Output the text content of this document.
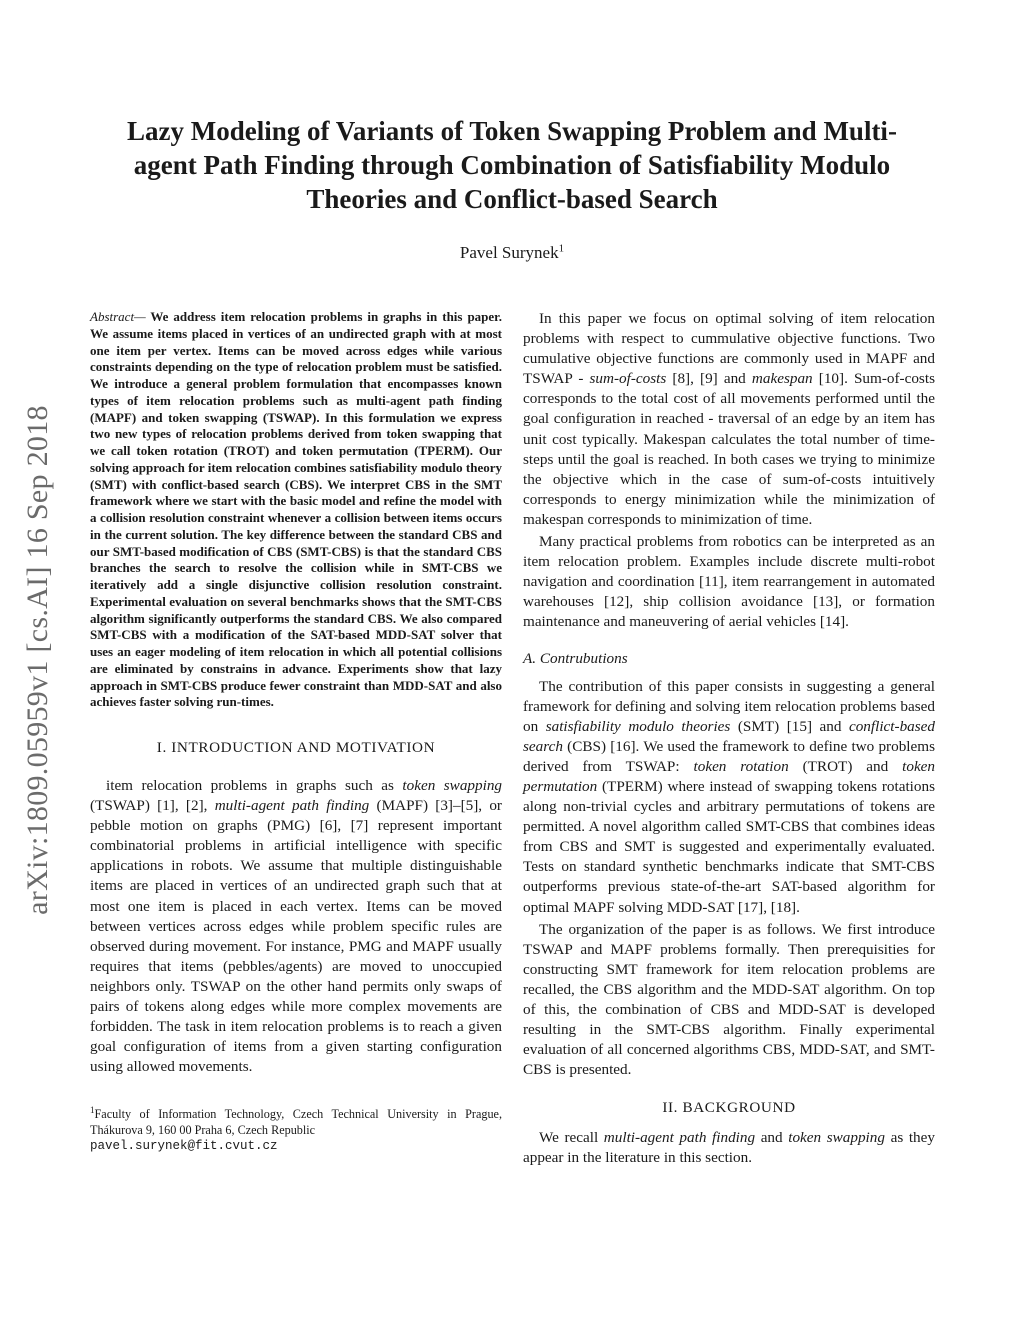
arXiv:1809.05959v1 [cs.AI] 16 Sep 2018
Lazy Modeling of Variants of Token Swapping Problem and Multi-agent Path Finding through Combination of Satisfiability Modulo Theories and Conflict-based Search
Pavel Surynek$^1$

Abstract— We address item relocation problems in graphs in this paper. We assume items placed in vertices of an undirected graph with at most one item per vertex. Items can be moved across edges while various constraints depending on the type of relocation problem must be satisfied. We introduce a general problem formulation that encompasses known types of item relocation problems such as multi-agent path finding (MAPF) and token swapping (TSWAP). In this formulation we express two new types of relocation problems derived from token swapping that we call token rotation (TROT) and token permutation (TPERM). Our solving approach for item relocation combines satisfiability modulo theory (SMT) with conflict-based search (CBS). We interpret CBS in the SMT framework where we start with the basic model and refine the model with a collision resolution constraint whenever a collision between items occurs in the current solution. The key difference between the standard CBS and our SMT-based modification of CBS (SMT-CBS) is that the standard CBS branches the search to resolve the collision while in SMT-CBS we iteratively add a single disjunctive collision resolution constraint. Experimental evaluation on several benchmarks shows that the SMT-CBS algorithm significantly outperforms the standard CBS. We also compared SMT-CBS with a modification of the SAT-based MDD-SAT solver that uses an eager modeling of item relocation in which all potential collisions are eliminated by constrains in advance. Experiments show that lazy approach in SMT-CBS produce fewer constraint than MDD-SAT and also achieves faster solving run-times.

I. INTRODUCTION AND MOTIVATION

item relocation problems in graphs such as token swapping (TSWAP) [1], [2], multi-agent path finding (MAPF) [3]–[5], or pebble motion on graphs (PMG) [6], [7] represent important combinatorial problems in artificial intelligence with specific applications in robots. We assume that multiple distinguishable items are placed in vertices of an undirected graph such that at most one item is placed in each vertex. Items can be moved between vertices across edges while problem specific rules are observed during movement. For instance, PMG and MAPF usually requires that items (pebbles/agents) are moved to unoccupied neighbors only. TSWAP on the other hand permits only swaps of pairs of tokens along edges while more complex movements are forbidden. The task in item relocation problems is to reach a given goal configuration of items from a given starting configuration using allowed movements.

$^1$Faculty of Information Technology, Czech Technical University in Prague, Thákurova 9, 160 00 Praha 6, Czech Republic
pavel.surynek@fit.cvut.cz

In this paper we focus on optimal solving of item relocation problems with respect to cummulative objective functions. Two cumulative objective functions are commonly used in MAPF and TSWAP - sum-of-costs [8], [9] and makespan [10]. Sum-of-costs corresponds to the total cost of all movements performed until the goal configuration in reached - traversal of an edge by an item has unit cost typically. Makespan calculates the total number of time-steps until the goal is reached. In both cases we trying to minimize the objective which in the case of sum-of-costs intuitively corresponds to energy minimization while the minimization of makespan corresponds to minimization of time.

Many practical problems from robotics can be interpreted as an item relocation problem. Examples include discrete multi-robot navigation and coordination [11], item rearrangement in automated warehouses [12], ship collision avoidance [13], or formation maintenance and maneuvering of aerial vehicles [14].

A. Contrubutions

The contribution of this paper consists in suggesting a general framework for defining and solving item relocation problems based on satisfiability modulo theories (SMT) [15] and conflict-based search (CBS) [16]. We used the framework to define two problems derived from TSWAP: token rotation (TROT) and token permutation (TPERM) where instead of swapping tokens rotations along non-trivial cycles and arbitrary permutations of tokens are permitted. A novel algorithm called SMT-CBS that combines ideas from CBS and SMT is suggested and experimentally evaluated. Tests on standard synthetic benchmarks indicate that SMT-CBS outperforms previous state-of-the-art SAT-based algorithm for optimal MAPF solving MDD-SAT [17], [18].

The organization of the paper is as follows. We first introduce TSWAP and MAPF problems formally. Then prerequisities for constructing SMT framework for item relocation problems are recalled, the CBS algorithm and the MDD-SAT algorithm. On top of this, the combination of CBS and MDD-SAT is developed resulting in the SMT-CBS algorithm. Finally experimental evaluation of all concerned algorithms CBS, MDD-SAT, and SMT-CBS is presented.

II. BACKGROUND

We recall multi-agent path finding and token swapping as they appear in the literature in this section.
